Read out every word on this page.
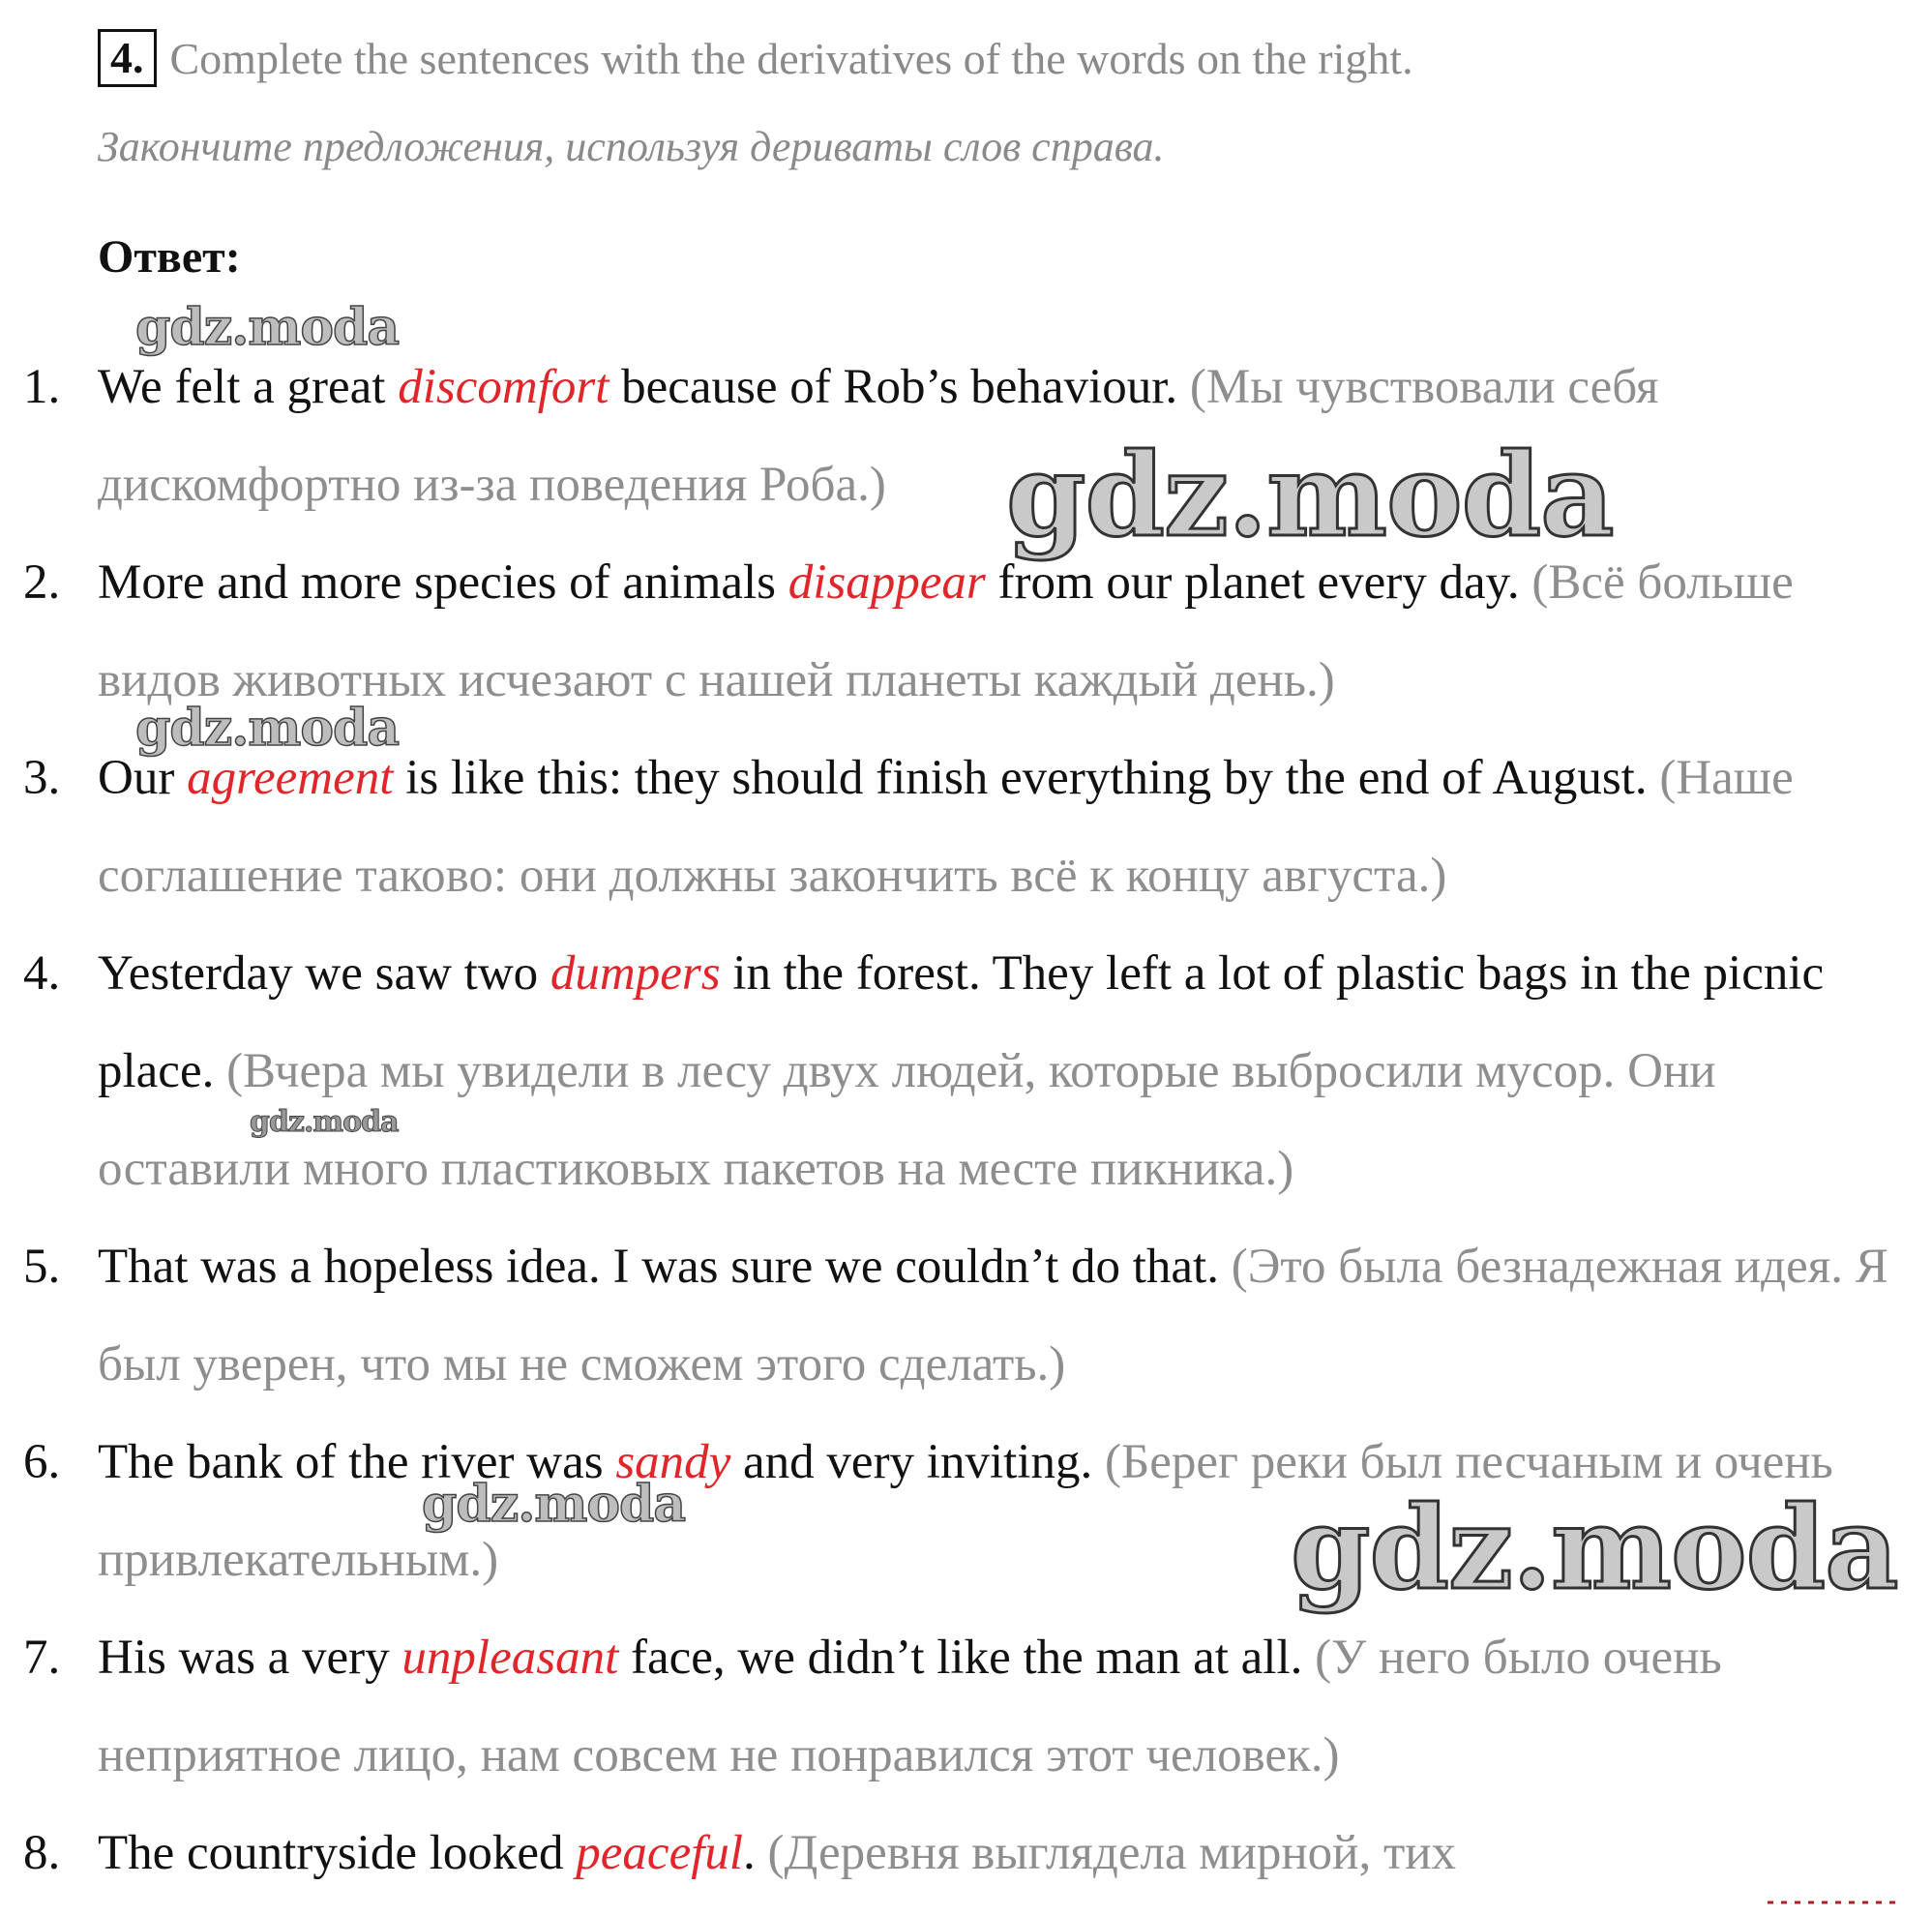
4. Complete the sentences with the derivatives of the words on the right.
Закончите предложения, используя дериваты слов справа.
Ответ:
1. We felt a great discomfort because of Rob’s behaviour. (Мы чувствовали себя дискомфортно из-за поведения Роба.)
2. More and more species of animals disappear from our planet every day. (Всё больше видов животных исчезают с нашей планеты каждый день.)
3. Our agreement is like this: they should finish everything by the end of August. (Наше соглашение таково: они должны закончить всё к концу августа.)
4. Yesterday we saw two dumpers in the forest. They left a lot of plastic bags in the picnic place. (Вчера мы увидели в лесу двух людей, которые выбросили мусор. Они оставили много пластиковых пакетов на месте пикника.)
5. That was a hopeless idea. I was sure we couldn’t do that. (Это была безнадежная идея. Я был уверен, что мы не сможем этого сделать.)
6. The bank of the river was sandy and very inviting. (Берег реки был песчаным и очень привлекательным.)
7. His was a very unpleasant face, we didn’t like the man at all. (У него было очень неприятное лицо, нам совсем не понравился этот человек.)
8. The countryside looked peaceful. (Деревня выглядела мирной, тих
gdz.moda
gdz.moda
gdz.moda
gdz.moda
gdz.moda	gdz.moda
